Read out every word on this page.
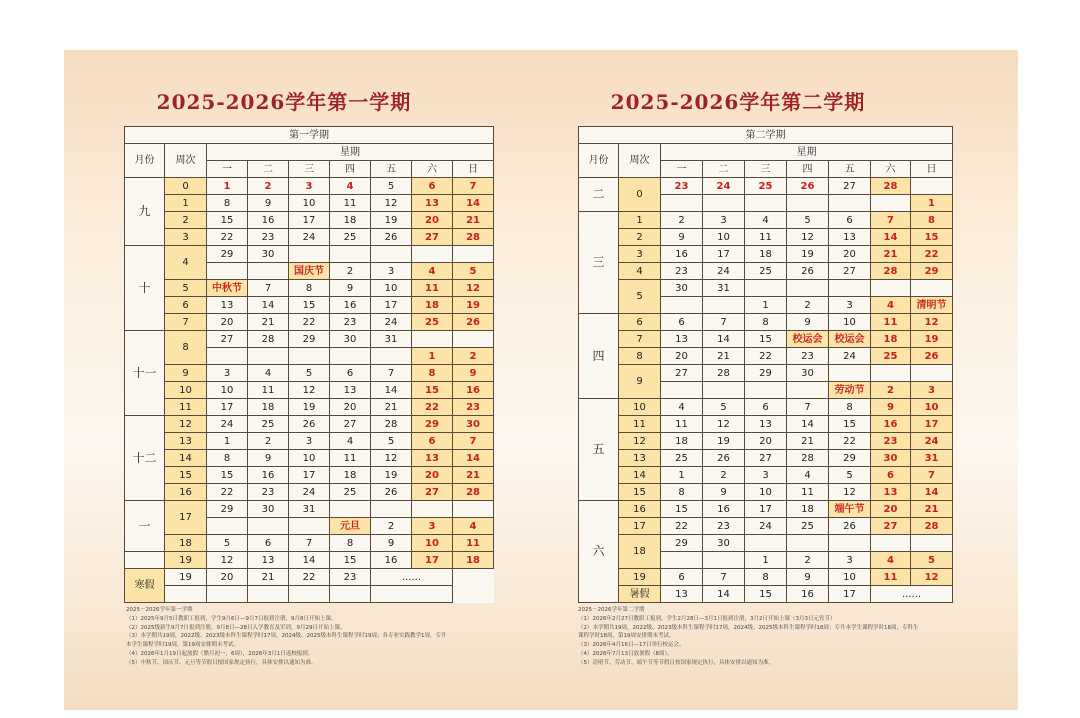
2025-2026学年第一学期	2025-2026学年第二学期
第一学期								
月份	周次	星期						
		一	二	三	四	五	六	日
九	0	1	2	3	4	5	6	7
	1	8	9	10	11	12	13	14
	2	15	16	17	18	19	20	21
	3	22	23	24	25	26	27	28
十	4	29	30					
				国庆节	2	3	4	5
	5	中秋节	7	8	9	10	11	12
	6	13	14	15	16	17	18	19
	7	20	21	22	23	24	25	26
十一	8	27	28	29	30	31		
							1	2
	9	3	4	5	6	7	8	9
	10	10	11	12	13	14	15	16
	11	17	18	19	20	21	22	23
十二	12	24	25	26	27	28	29	30
	13	1	2	3	4	5	6	7
	14	8	9	10	11	12	13	14
	15	15	16	17	18	19	20	21
	16	22	23	24	25	26	27	28
一	17	29	30	31				
					元旦	2	3	4
	18	5	6	7	8	9	10	11
	19	12	13	14	15	16	17	18
寒假	19	20	21	22	23	......		

第二学期								
月份	周次	星期						
		一	二	三	四	五	六	日
二	0	23	24	25	26	27	28	
								1
三	1	2	3	4	5	6	7	8
	2	9	10	11	12	13	14	15
	3	16	17	18	19	20	21	22
	4	23	24	25	26	27	28	29
	5	30	31					
				1	2	3	4	清明节
四	6	6	7	8	9	10	11	12
	7	13	14	15	校运会	校运会	18	19
	8	20	21	22	23	24	25	26
	9	27	28	29	30			
						劳动节	2	3
五	10	4	5	6	7	8	9	10
	11	11	12	13	14	15	16	17
	12	18	19	20	21	22	23	24
	13	25	26	27	28	29	30	31
	14	1	2	3	4	5	6	7
	15	8	9	10	11	12	13	14
六	16	15	16	17	18	端午节	20	21
	17	22	23	24	25	26	27	28
	18	29	30					
				1	2	3	4	5
	19	6	7	8	9	10	11	12
	暑假	13	14	15	16	17	......	
2025－2026学年第一学期
（1）2025年9月5日教职工报到，学生9月6日—9月7日报到注册，9月8日开始上课。
（2）2025级新生9月7日报到注册，9月8日—28日入学教育及军训，9月29日开始上课。
（3）本学期共19周，2022级、2023级本科生课程学时17周，2024级、2025级本科生课程学时19周；各专业实践教学1周，专升
本学生课程学时19周，第19周安排期末考试。
（4）2026年1月19日起放假（腊月初一，6周），2026年3月1日返校报到。
（5）中秋节、国庆节、元旦等节假日按国家规定执行，具体安排以通知为准。
2025－2026学年第二学期
（1）2026年2月27日教职工报到，学生2月28日—3月1日报到注册，3月2日开始上课（3月3日元宵节）
（2）本学期共19周，2022级、2023级本科生课程学时17周，2024级、2025级本科生课程学时18周；专升本学生课程学时18周，专科生
课程学时18周，第19周安排期末考试。
（3）2026年4月16日—17日举行校运会。
（4）2026年7月13日放暑假（8周）。
（5）清明节、劳动节、端午节等节假日按国家规定执行，具体安排以通知为准。
